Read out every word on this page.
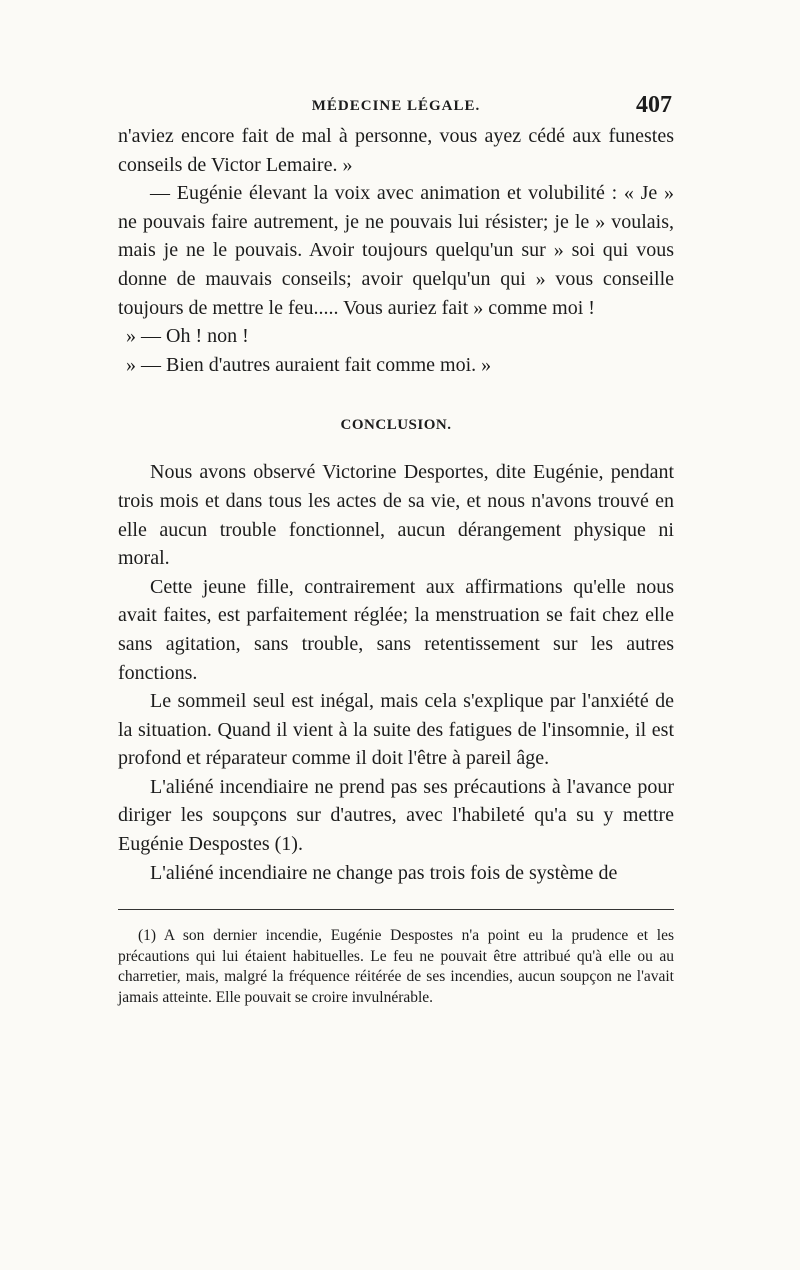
MÉDECINE LÉGALE.	407

n'aviez encore fait de mal à personne, vous ayez cédé aux funestes conseils de Victor Lemaire. »

— Eugénie élevant la voix avec animation et volubilité : « Je » ne pouvais faire autrement, je ne pouvais lui résister; je le » voulais, mais je ne le pouvais. Avoir toujours quelqu'un sur » soi qui vous donne de mauvais conseils; avoir quelqu'un qui » vous conseille toujours de mettre le feu..... Vous auriez fait » comme moi !

» — Oh ! non !

» — Bien d'autres auraient fait comme moi. »

CONCLUSION.

Nous avons observé Victorine Desportes, dite Eugénie, pendant trois mois et dans tous les actes de sa vie, et nous n'avons trouvé en elle aucun trouble fonctionnel, aucun dérangement physique ni moral.

Cette jeune fille, contrairement aux affirmations qu'elle nous avait faites, est parfaitement réglée; la menstruation se fait chez elle sans agitation, sans trouble, sans retentissement sur les autres fonctions.

Le sommeil seul est inégal, mais cela s'explique par l'anxiété de la situation. Quand il vient à la suite des fatigues de l'insomnie, il est profond et réparateur comme il doit l'être à pareil âge.

L'aliéné incendiaire ne prend pas ses précautions à l'avance pour diriger les soupçons sur d'autres, avec l'habileté qu'a su y mettre Eugénie Despostes (1).

L'aliéné incendiaire ne change pas trois fois de système de

(1) A son dernier incendie, Eugénie Despostes n'a point eu la prudence et les précautions qui lui étaient habituelles. Le feu ne pouvait être attribué qu'à elle ou au charretier, mais, malgré la fréquence réitérée de ses incendies, aucun soupçon ne l'avait jamais atteinte. Elle pouvait se croire invulnérable.
